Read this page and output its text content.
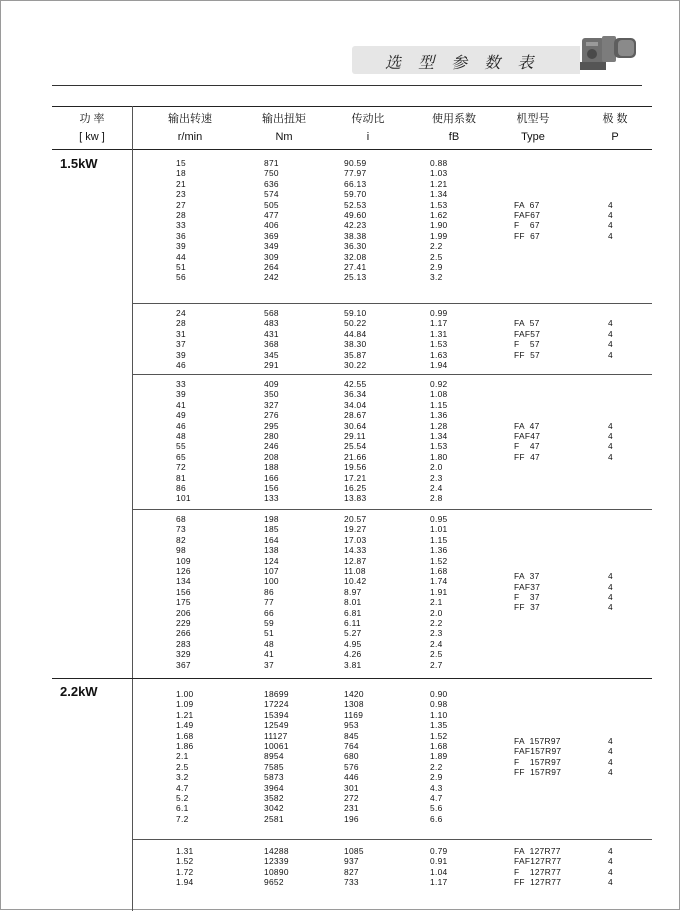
选 型 参 数 表
功 率
[ kw ]
输出转速
r/min
输出扭矩
Nm
传动比
i
使用系数
fB
机型号
Type
极 数
P
1.5kW	15
18
21
23
27
28
33
36
39
44
51
56
871
750
636
574
505
477
406
369
349
309
264
242
90.59
77.97
66.13
59.70
52.53
49.60
42.23
38.38
36.30
32.08
27.41
25.13
0.88
1.03
1.21
1.34
1.53
1.62
1.90
1.99
2.2
2.5
2.9
3.2
FA  67
FAF67
F    67
FF  67
4
4
4
4
24
28
31
37
39
46
568
483
431
368
345
291
59.10
50.22
44.84
38.30
35.87
30.22
0.99
1.17
1.31
1.53
1.63
1.94
FA  57
FAF57
F    57
FF  57
4
4
4
4
33
39
41
49
46
48
55
65
72
81
86
101
409
350
327
276
295
280
246
208
188
166
156
133
42.55
36.34
34.04
28.67
30.64
29.11
25.54
21.66
19.56
17.21
16.25
13.83
0.92
1.08
1.15
1.36
1.28
1.34
1.53
1.80
2.0
2.3
2.4
2.8
FA  47
FAF47
F    47
FF  47
4
4
4
4
68
73
82
98
109
126
134
156
175
206
229
266
283
329
367
198
185
164
138
124
107
100
86
77
66
59
51
48
41
37
20.57
19.27
17.03
14.33
12.87
11.08
10.42
8.97
8.01
6.81
6.11
5.27
4.95
4.26
3.81
0.95
1.01
1.15
1.36
1.52
1.68
1.74
1.91
2.1
2.0
2.2
2.3
2.4
2.5
2.7
FA  37
FAF37
F    37
FF  37
4
4
4
4
2.2kW	1.00
1.09
1.21
1.49
1.68
1.86
2.1
2.5
3.2
4.7
5.2
6.1
7.2
18699
17224
15394
12549
11127
10061
8954
7585
5873
3964
3582
3042
2581
1420
1308
1169
953
845
764
680
576
446
301
272
231
196
0.90
0.98
1.10
1.35
1.52
1.68
1.89
2.2
2.9
4.3
4.7
5.6
6.6
FA  157R97
FAF157R97
F    157R97
FF  157R97
4
4
4
4
1.31
1.52
1.72
1.94
14288
12339
10890
9652
1085
937
827
733
0.79
0.91
1.04
1.17
FA  127R77
FAF127R77
F    127R77
FF  127R77
4
4
4
4
